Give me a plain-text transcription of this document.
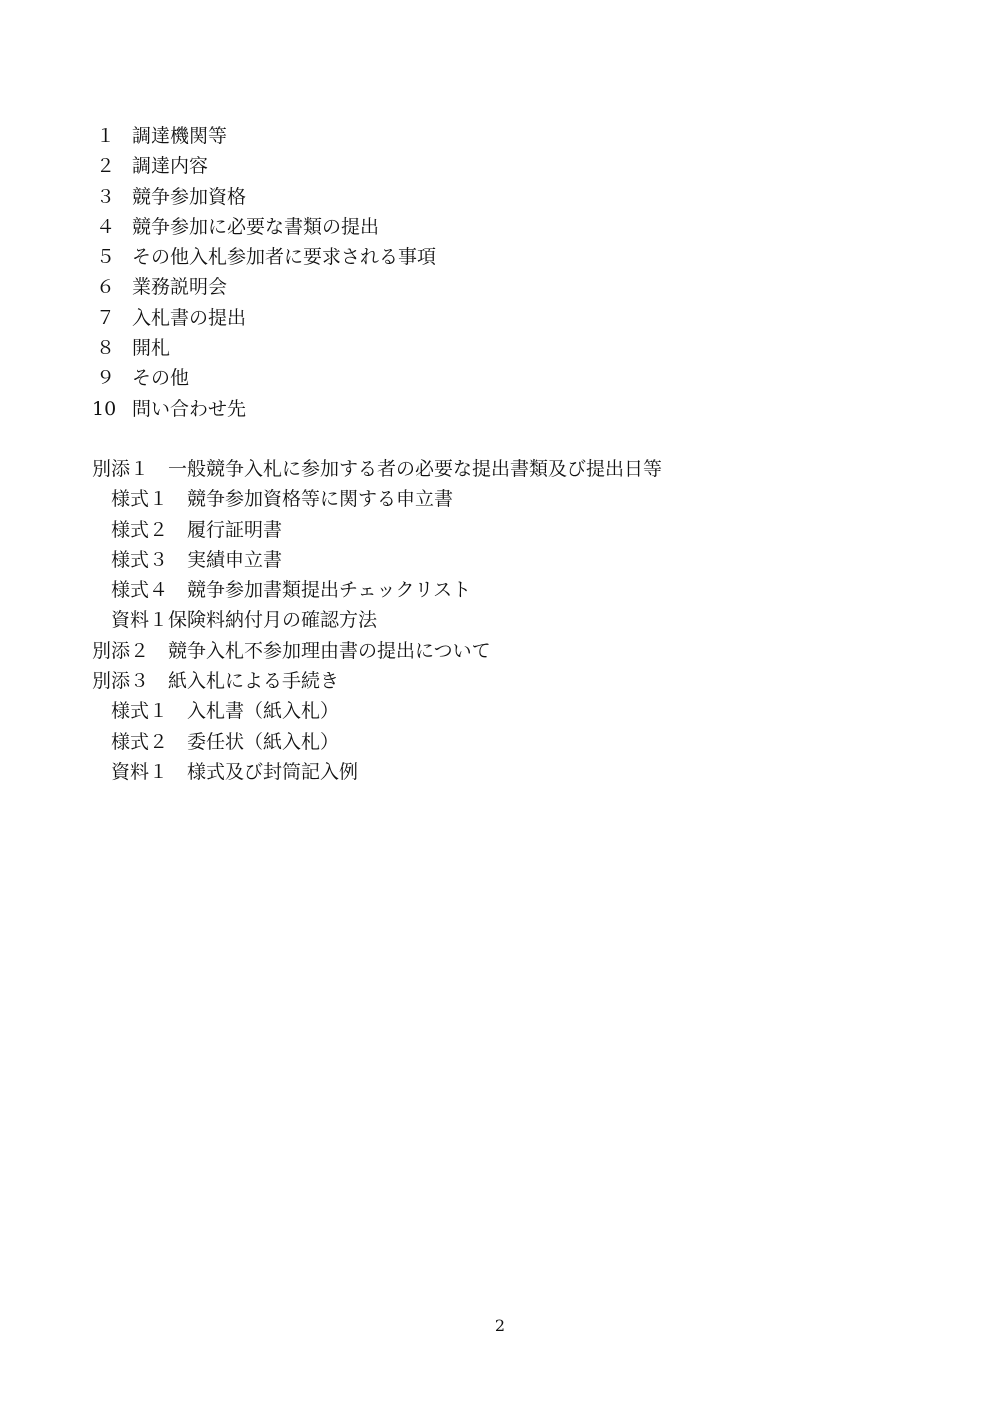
１ 調達機関等
２ 調達内容
３ 競争参加資格
４ 競争参加に必要な書類の提出
５ その他入札参加者に要求される事項
６ 業務説明会
７ 入札書の提出
８ 開札
９ その他
10 問い合わせ先
別添１ 一般競争入札に参加する者の必要な提出書類及び提出日等
様式１ 競争参加資格等に関する申立書
様式２ 履行証明書
様式３ 実績申立書
様式４ 競争参加書類提出チェックリスト
資料１ 保険料納付月の確認方法
別添２ 競争入札不参加理由書の提出について
別添３ 紙入札による手続き
様式１ 入札書（紙入札）
様式２ 委任状（紙入札）
資料１ 様式及び封筒記入例
2
